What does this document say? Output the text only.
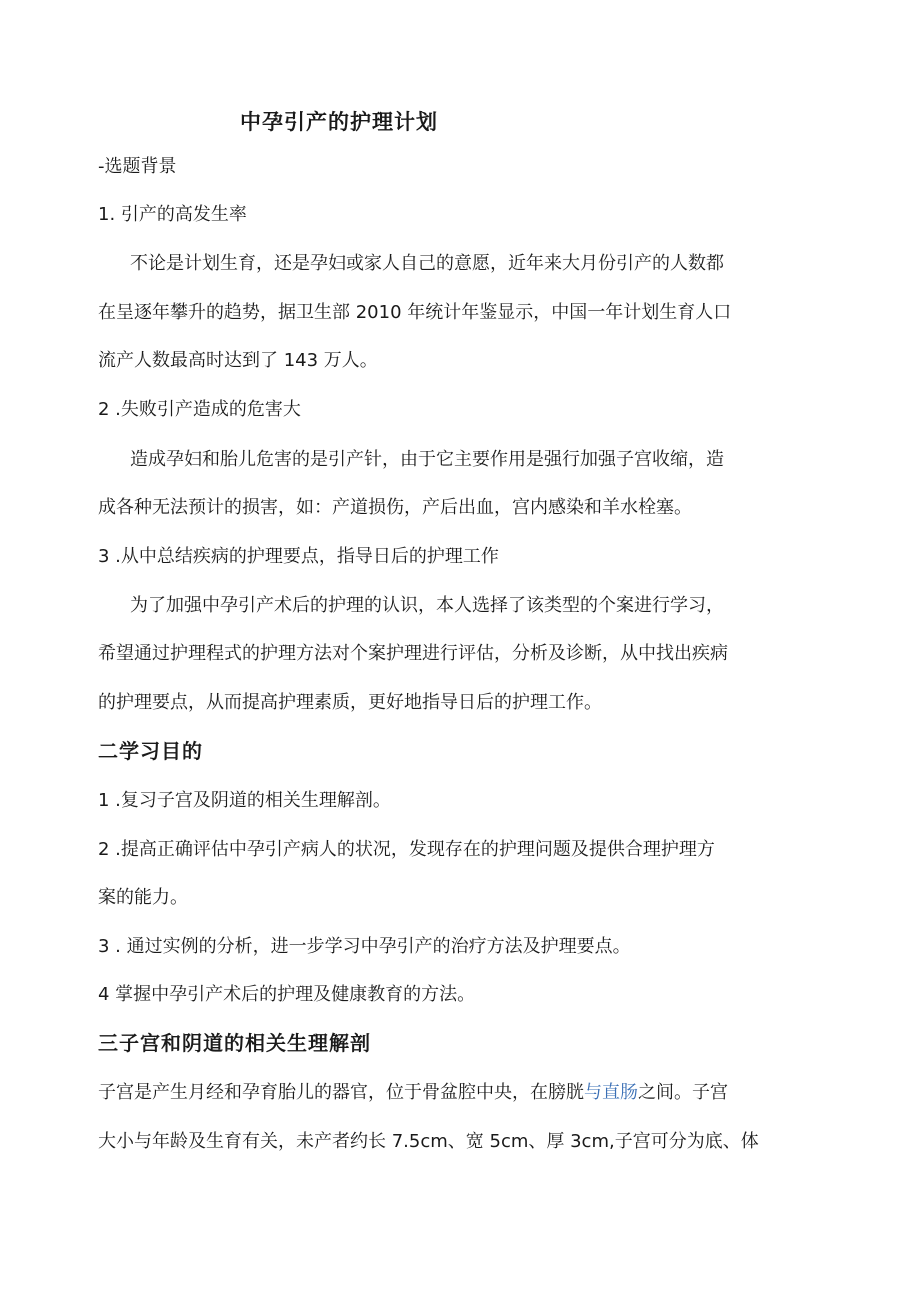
中孕引产的护理计划
-选题背景
1. 引产的高发生率
不论是计划生育，还是孕妇或家人自己的意愿，近年来大月份引产的人数都
在呈逐年攀升的趋势，据卫生部 2010 年统计年鉴显示，中国一年计划生育人口
流产人数最高时达到了 143 万人。
2 .失败引产造成的危害大
造成孕妇和胎儿危害的是引产针，由于它主要作用是强行加强子宫收缩，造
成各种无法预计的损害，如：产道损伤，产后出血，宫内感染和羊水栓塞。
3 .从中总结疾病的护理要点，指导日后的护理工作
为了加强中孕引产术后的护理的认识，本人选择了该类型的个案进行学习，
希望通过护理程式的护理方法对个案护理进行评估，分析及诊断，从中找出疾病
的护理要点，从而提高护理素质，更好地指导日后的护理工作。
二学习目的
1 .复习子宫及阴道的相关生理解剖。
2 .提高正确评估中孕引产病人的状况，发现存在的护理问题及提供合理护理方
案的能力。
3 . 通过实例的分析，进一步学习中孕引产的治疗方法及护理要点。
4 掌握中孕引产术后的护理及健康教育的方法。
三子宫和阴道的相关生理解剖
子宫是产生月经和孕育胎儿的器官，位于骨盆腔中央，在膀胱与直肠之间。子宫
大小与年龄及生育有关，未产者约长 7.5cm、宽 5cm、厚 3cm,子宫可分为底、体
